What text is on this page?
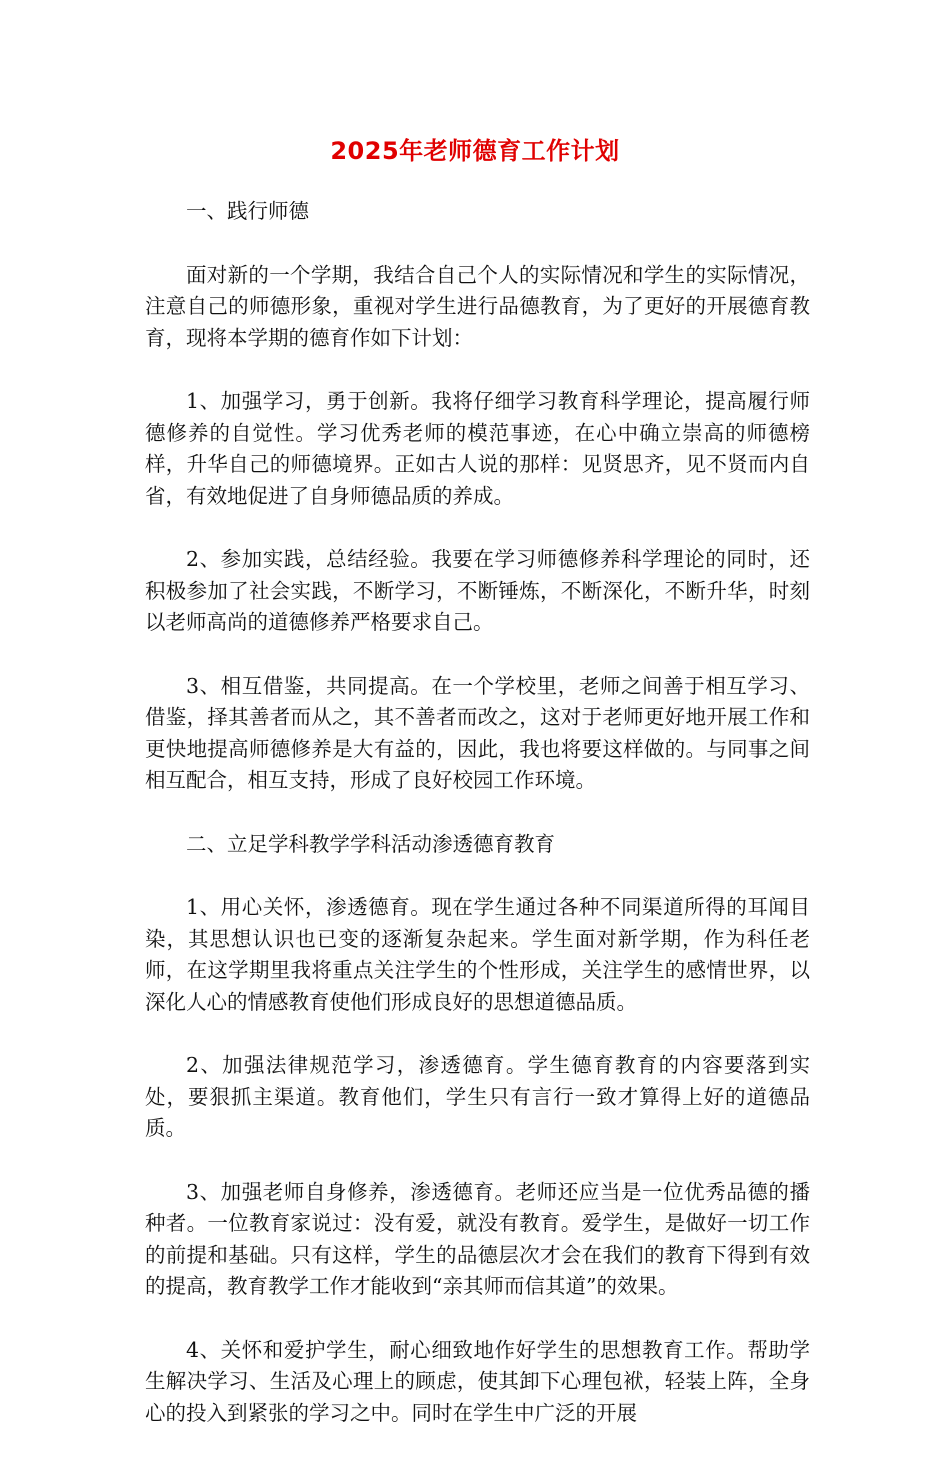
2025年老师德育工作计划

一、践行师德

面对新的一个学期，我结合自己个人的实际情况和学生的实际情况，注意自己的师德形象，重视对学生进行品德教育，为了更好的开展德育教育，现将本学期的德育作如下计划：

1、加强学习，勇于创新。我将仔细学习教育科学理论，提高履行师德修养的自觉性。学习优秀老师的模范事迹，在心中确立崇高的师德榜样，升华自己的师德境界。正如古人说的那样：见贤思齐，见不贤而内自省，有效地促进了自身师德品质的养成。

2、参加实践，总结经验。我要在学习师德修养科学理论的同时，还积极参加了社会实践，不断学习，不断锤炼，不断深化，不断升华，时刻以老师高尚的道德修养严格要求自己。

3、相互借鉴，共同提高。在一个学校里，老师之间善于相互学习、借鉴，择其善者而从之，其不善者而改之，这对于老师更好地开展工作和更快地提高师德修养是大有益的，因此，我也将要这样做的。与同事之间相互配合，相互支持，形成了良好校园工作环境。

二、立足学科教学学科活动渗透德育教育

1、用心关怀，渗透德育。现在学生通过各种不同渠道所得的耳闻目染，其思想认识也已变的逐渐复杂起来。学生面对新学期，作为科任老师，在这学期里我将重点关注学生的个性形成，关注学生的感情世界，以深化人心的情感教育使他们形成良好的思想道德品质。

2、加强法律规范学习，渗透德育。学生德育教育的内容要落到实处，要狠抓主渠道。教育他们，学生只有言行一致才算得上好的道德品质。

3、加强老师自身修养，渗透德育。老师还应当是一位优秀品德的播种者。一位教育家说过：没有爱，就没有教育。爱学生，是做好一切工作的前提和基础。只有这样，学生的品德层次才会在我们的教育下得到有效的提高，教育教学工作才能收到“亲其师而信其道”的效果。

4、关怀和爱护学生，耐心细致地作好学生的思想教育工作。帮助学生解决学习、生活及心理上的顾虑，使其卸下心理包袱，轻装上阵，全身心的投入到紧张的学习之中。同时在学生中广泛的开展
